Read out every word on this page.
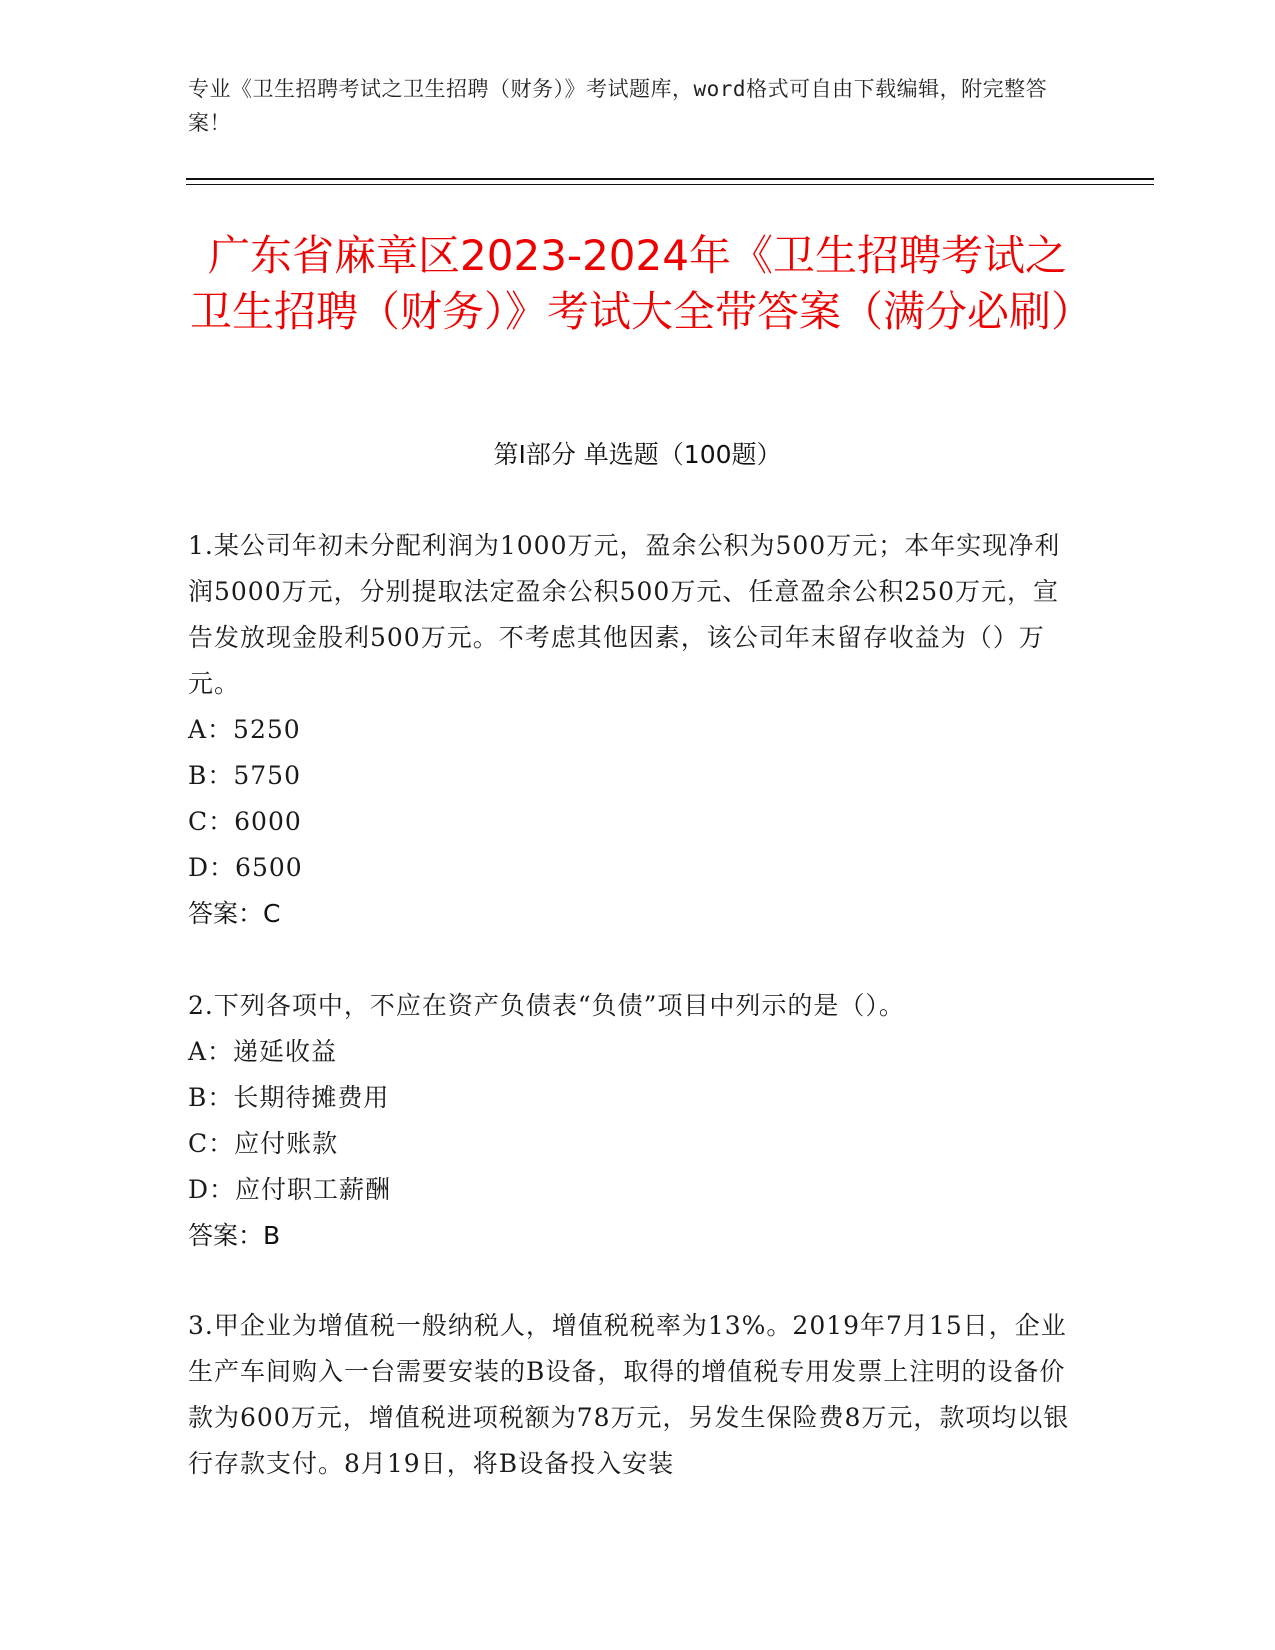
专业《卫生招聘考试之卫生招聘（财务）》考试题库，word格式可自由下载编辑，附完整答案！
广东省麻章区2023-2024年《卫生招聘考试之卫生招聘（财务）》考试大全带答案（满分必刷）
第Ⅰ部分 单选题（100题）

1.某公司年初未分配利润为1000万元，盈余公积为500万元；本年实现净利润5000万元，分别提取法定盈余公积500万元、任意盈余公积250万元，宣告发放现金股利500万元。不考虑其他因素，该公司年末留存收益为（）万元。

A：5250

B：5750

C：6000

D：6500

答案：C

2.下列各项中，不应在资产负债表“负债”项目中列示的是（）。

A：递延收益

B：长期待摊费用

C：应付账款

D：应付职工薪酬

答案：B

3.甲企业为增值税一般纳税人，增值税税率为13%。2019年7月15日，企业生产车间购入一台需要安装的B设备，取得的增值税专用发票上注明的设备价款为600万元，增值税进项税额为78万元，另发生保险费8万元，款项均以银行存款支付。8月19日，将B设备投入安装
